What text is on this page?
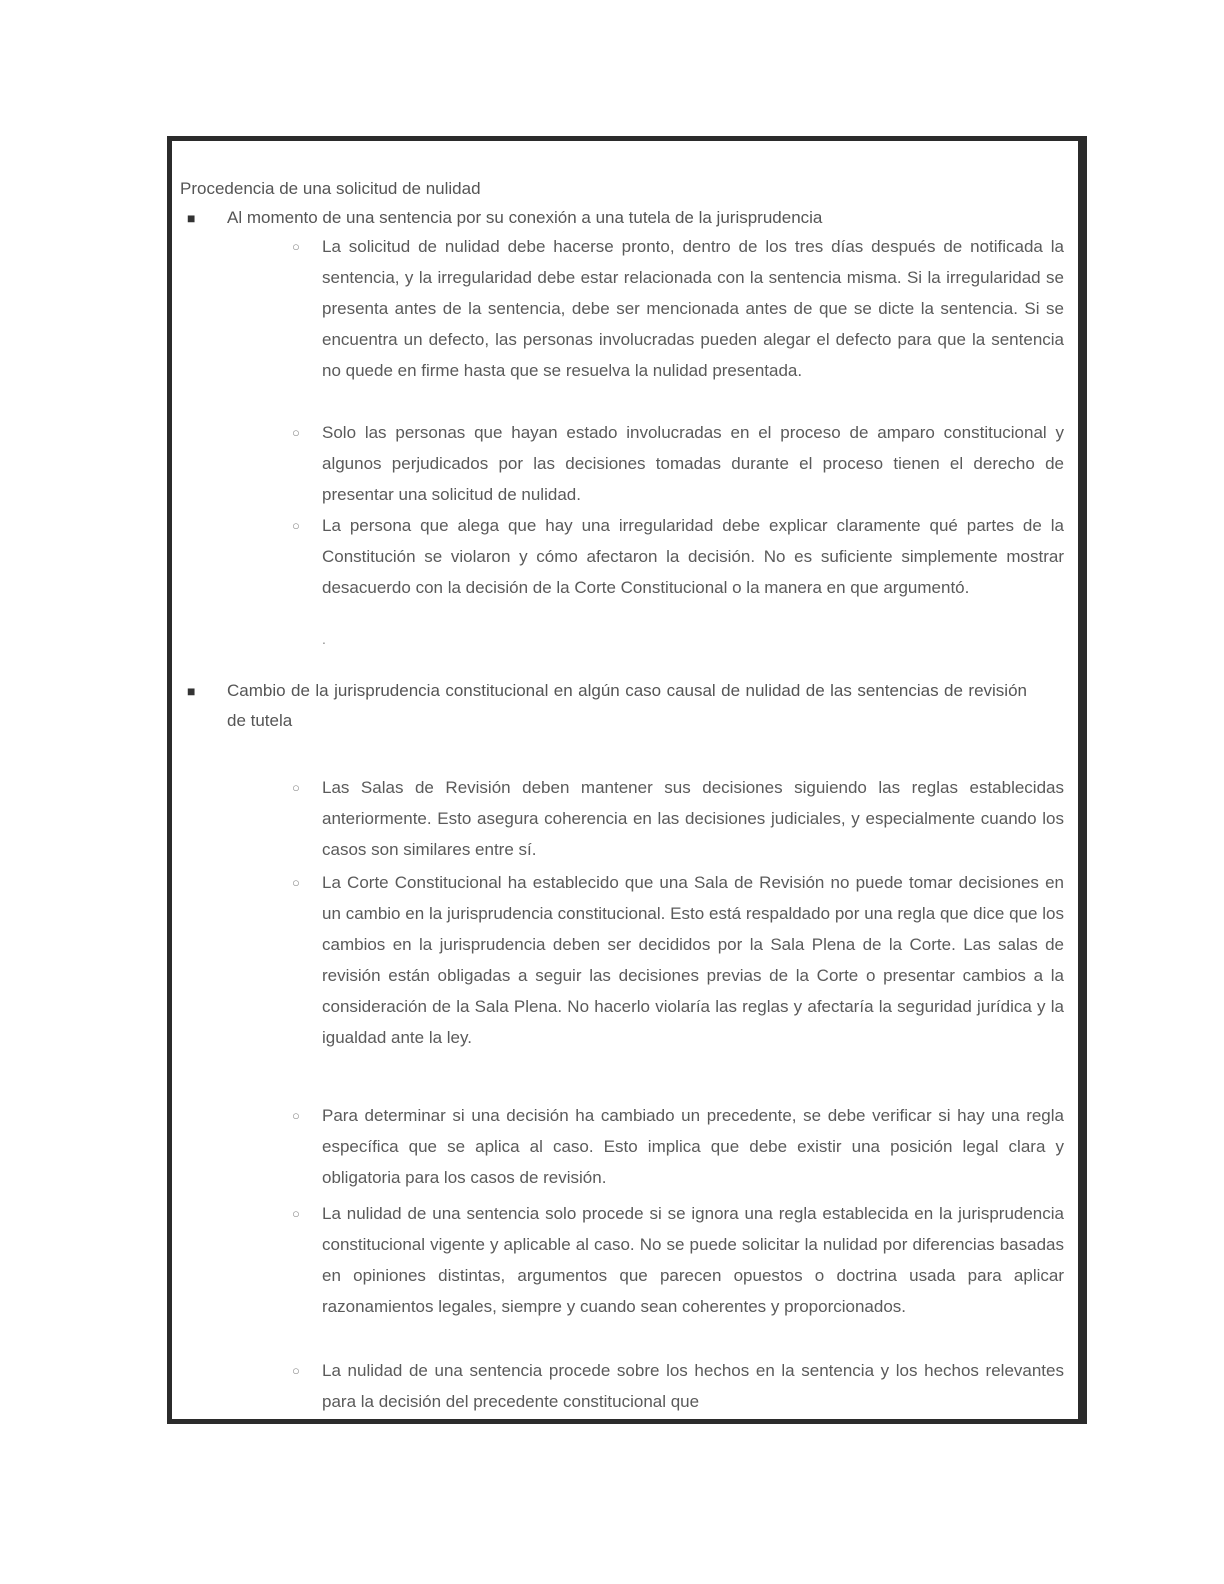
Procedencia de una solicitud de nulidad
■ Al momento de una sentencia por su conexión a una tutela de la jurisprudencia
○ La solicitud de nulidad debe hacerse pronto, dentro de los tres días después de notificada la sentencia, y la irregularidad debe estar relacionada con la sentencia misma. Si la irregularidad se presenta antes de la sentencia, debe ser mencionada antes de que se dicte la sentencia. Si se encuentra un defecto, las personas involucradas pueden alegar el defecto para que la sentencia no quede en firme hasta que se resuelva la nulidad presentada.
○ Solo las personas que hayan estado involucradas en el proceso de amparo constitucional y algunos perjudicados por las decisiones tomadas durante el proceso tienen el derecho de presentar una solicitud de nulidad.
○ La persona que alega que hay una irregularidad debe explicar claramente qué partes de la Constitución se violaron y cómo afectaron la decisión. No es suficiente simplemente mostrar desacuerdo con la decisión de la Corte Constitucional o la manera en que argumentó.
.
■ Cambio de la jurisprudencia constitucional en algún caso causal de nulidad de las sentencias de revisión de tutela
○ Las Salas de Revisión deben mantener sus decisiones siguiendo las reglas establecidas anteriormente. Esto asegura coherencia en las decisiones judiciales, y especialmente cuando los casos son similares entre sí.
○ La Corte Constitucional ha establecido que una Sala de Revisión no puede tomar decisiones en un cambio en la jurisprudencia constitucional. Esto está respaldado por una regla que dice que los cambios en la jurisprudencia deben ser decididos por la Sala Plena de la Corte. Las salas de revisión están obligadas a seguir las decisiones previas de la Corte o presentar cambios a la consideración de la Sala Plena. No hacerlo violaría las reglas y afectaría la seguridad jurídica y la igualdad ante la ley.
○ Para determinar si una decisión ha cambiado un precedente, se debe verificar si hay una regla específica que se aplica al caso. Esto implica que debe existir una posición legal clara y obligatoria para los casos de revisión.
○ La nulidad de una sentencia solo procede si se ignora una regla establecida en la jurisprudencia constitucional vigente y aplicable al caso. No se puede solicitar la nulidad por diferencias basadas en opiniones distintas, argumentos que parecen opuestos o doctrina usada para aplicar razonamientos legales, siempre y cuando sean coherentes y proporcionados.
○ La nulidad de una sentencia procede sobre los hechos en la sentencia y los hechos relevantes para la decisión del precedente constitucional que
